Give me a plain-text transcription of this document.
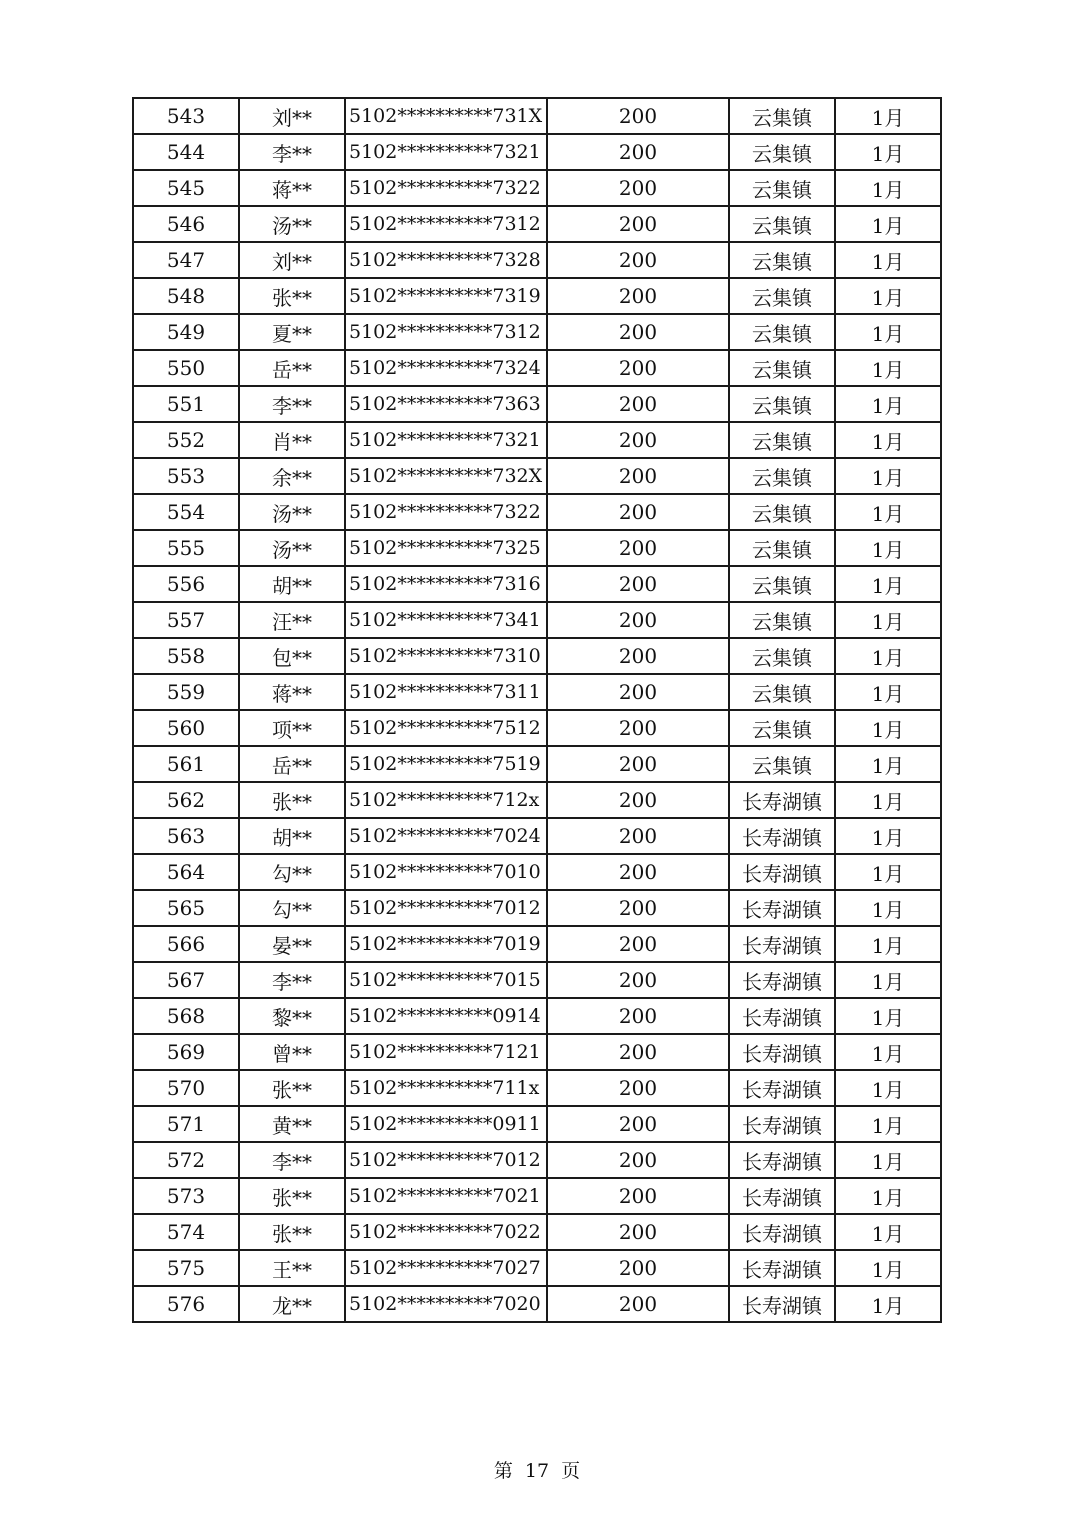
543	刘**	5102**********731X	200	云集镇	1月
544	李**	5102**********7321	200	云集镇	1月
545	蒋**	5102**********7322	200	云集镇	1月
546	汤**	5102**********7312	200	云集镇	1月
547	刘**	5102**********7328	200	云集镇	1月
548	张**	5102**********7319	200	云集镇	1月
549	夏**	5102**********7312	200	云集镇	1月
550	岳**	5102**********7324	200	云集镇	1月
551	李**	5102**********7363	200	云集镇	1月
552	肖**	5102**********7321	200	云集镇	1月
553	余**	5102**********732X	200	云集镇	1月
554	汤**	5102**********7322	200	云集镇	1月
555	汤**	5102**********7325	200	云集镇	1月
556	胡**	5102**********7316	200	云集镇	1月
557	汪**	5102**********7341	200	云集镇	1月
558	包**	5102**********7310	200	云集镇	1月
559	蒋**	5102**********7311	200	云集镇	1月
560	项**	5102**********7512	200	云集镇	1月
561	岳**	5102**********7519	200	云集镇	1月
562	张**	5102**********712x	200	长寿湖镇	1月
563	胡**	5102**********7024	200	长寿湖镇	1月
564	勾**	5102**********7010	200	长寿湖镇	1月
565	勾**	5102**********7012	200	长寿湖镇	1月
566	晏**	5102**********7019	200	长寿湖镇	1月
567	李**	5102**********7015	200	长寿湖镇	1月
568	黎**	5102**********0914	200	长寿湖镇	1月
569	曾**	5102**********7121	200	长寿湖镇	1月
570	张**	5102**********711x	200	长寿湖镇	1月
571	黄**	5102**********0911	200	长寿湖镇	1月
572	李**	5102**********7012	200	长寿湖镇	1月
573	张**	5102**********7021	200	长寿湖镇	1月
574	张**	5102**********7022	200	长寿湖镇	1月
575	王**	5102**********7027	200	长寿湖镇	1月
576	龙**	5102**********7020	200	长寿湖镇	1月
第 17 页
